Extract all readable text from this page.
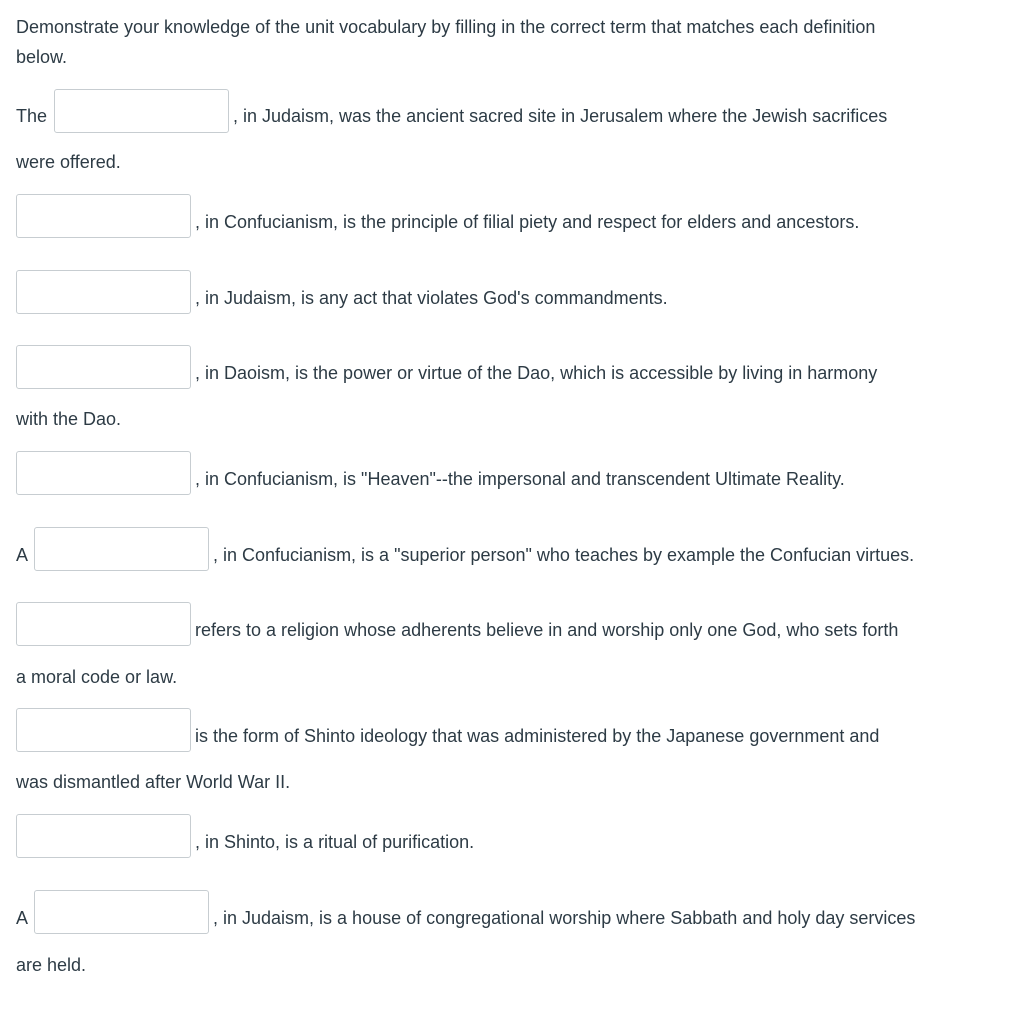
Demonstrate your knowledge of the unit vocabulary by filling in the correct term that matches each definition
below.
The	, in Judaism, was the ancient sacred site in Jerusalem where the Jewish sacrifices
were offered.
, in Confucianism, is the principle of filial piety and respect for elders and ancestors.
, in Judaism, is any act that violates God's commandments.
, in Daoism, is the power or virtue of the Dao, which is accessible by living in harmony
with the Dao.
, in Confucianism, is "Heaven"--the impersonal and transcendent Ultimate Reality.
A	, in Confucianism, is a "superior person" who teaches by example the Confucian virtues.
refers to a religion whose adherents believe in and worship only one God, who sets forth
a moral code or law.
is the form of Shinto ideology that was administered by the Japanese government and
was dismantled after World War II.
, in Shinto, is a ritual of purification.
A	, in Judaism, is a house of congregational worship where Sabbath and holy day services
are held.
